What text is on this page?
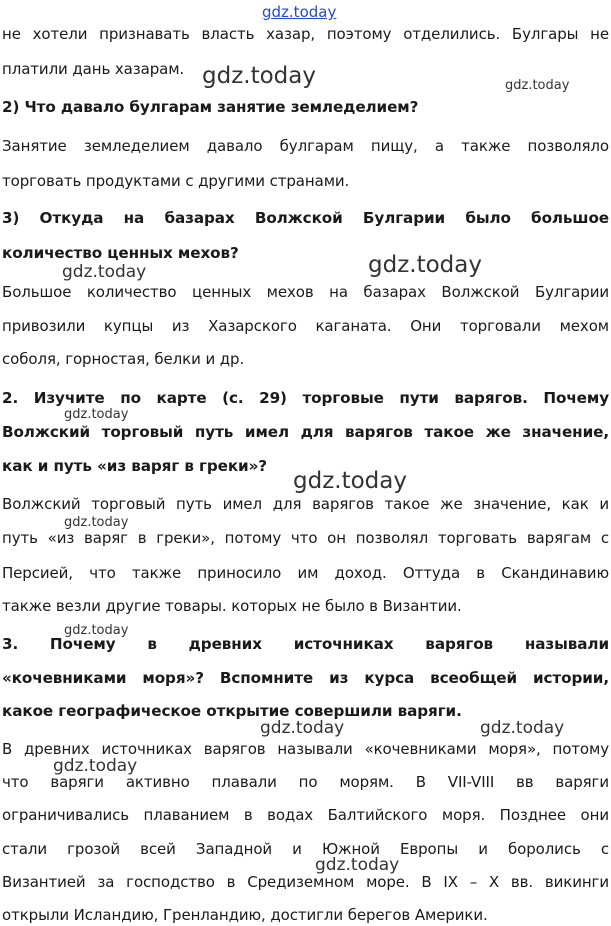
gdz.today
не хотели признавать власть хазар, поэтому отделились. Булгары не
платили дань хазарам.
2) Что давало булгарам занятие земледелием?
Занятие земледелием давало булгарам пищу, а также позволяло
торговать продуктами с другими странами.
3) Откуда на базарах Волжской Булгарии было большое
количество ценных мехов?
Большое количество ценных мехов на базарах Волжской Булгарии
привозили купцы из Хазарского каганата. Они торговали мехом
соболя, горностая, белки и др.
2. Изучите по карте (с. 29) торговые пути варягов. Почему
Волжский торговый путь имел для варягов такое же значение,
как и путь «из варяг в греки»?
Волжский торговый путь имел для варягов такое же значение, как и
путь «из варяг в греки», потому что он позволял торговать варягам с
Персией, что также приносило им доход. Оттуда в Скандинавию
также везли другие товары. которых не было в Византии.
3. Почему в древних источниках варягов называли
«кочевниками моря»? Вспомните из курса всеобщей истории,
какое географическое открытие совершили варяги.
В древних источниках варягов называли «кочевниками моря», потому
что варяги активно плавали по морям. В VII-VIII вв варяги
ограничивались плаванием в водах Балтийского моря. Позднее они
стали грозой всей Западной и Южной Европы и боролись с
Византией за господство в Средиземном море. В IX – X вв. викинги
открыли Исландию, Гренландию, достигли берегов Америки.
gdz.today	gdz.today
gdz.today	gdz.today
gdz.today
gdz.today
gdz.today
gdz.today
gdz.today	gdz.today
gdz.today
gdz.today
